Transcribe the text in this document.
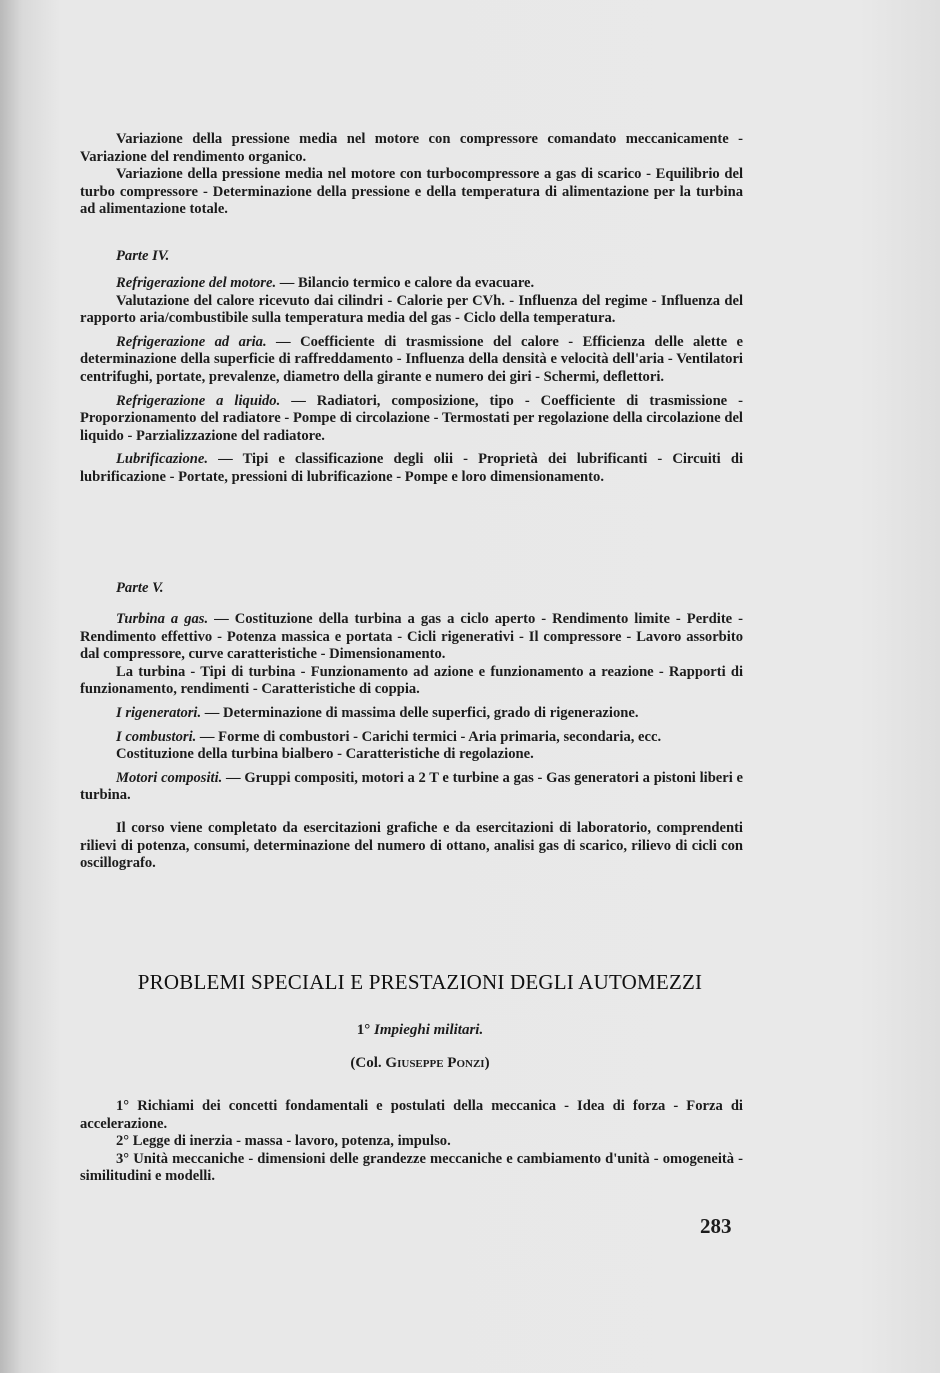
Variazione della pressione media nel motore con compressore comandato meccanicamente - Variazione del rendimento organico.

Variazione della pressione media nel motore con turbocompressore a gas di scarico - Equilibrio del turbo compressore - Determinazione della pressione e della temperatura di alimentazione per la turbina ad alimentazione totale.

Parte IV.

Refrigerazione del motore. — Bilancio termico e calore da evacuare.

Valutazione del calore ricevuto dai cilindri - Calorie per CVh. - Influenza del regime - Influenza del rapporto aria/combustibile sulla temperatura media del gas - Ciclo della temperatura.

Refrigerazione ad aria. — Coefficiente di trasmissione del calore - Efficienza delle alette e determinazione della superficie di raffreddamento - Influenza della densità e velocità dell'aria - Ventilatori centrifughi, portate, prevalenze, diametro della girante e numero dei giri - Schermi, deflettori.

Refrigerazione a liquido. — Radiatori, composizione, tipo - Coefficiente di trasmissione - Proporzionamento del radiatore - Pompe di circolazione - Termostati per regolazione della circolazione del liquido - Parzializzazione del radiatore.

Lubrificazione. — Tipi e classificazione degli olii - Proprietà dei lubrificanti - Circuiti di lubrificazione - Portate, pressioni di lubrificazione - Pompe e loro dimensionamento.

Parte V.

Turbina a gas. — Costituzione della turbina a gas a ciclo aperto - Rendimento limite - Perdite - Rendimento effettivo - Potenza massica e portata - Cicli rigenerativi - Il compressore - Lavoro assorbito dal compressore, curve caratteristiche - Dimensionamento.

La turbina - Tipi di turbina - Funzionamento ad azione e funzionamento a reazione - Rapporti di funzionamento, rendimenti - Caratteristiche di coppia.

I rigeneratori. — Determinazione di massima delle superfici, grado di rigenerazione.

I combustori. — Forme di combustori - Carichi termici - Aria primaria, secondaria, ecc.

Costituzione della turbina bialbero - Caratteristiche di regolazione.

Motori compositi. — Gruppi compositi, motori a 2 T e turbine a gas - Gas generatori a pistoni liberi e turbina.

Il corso viene completato da esercitazioni grafiche e da esercitazioni di laboratorio, comprendenti rilievi di potenza, consumi, determinazione del numero di ottano, analisi gas di scarico, rilievo di cicli con oscillografo.

PROBLEMI SPECIALI E PRESTAZIONI DEGLI AUTOMEZZI
1° Impieghi militari.
(Col. Giuseppe Ponzi)

1° Richiami dei concetti fondamentali e postulati della meccanica - Idea di forza - Forza di accelerazione.

2° Legge di inerzia - massa - lavoro, potenza, impulso.

3° Unità meccaniche - dimensioni delle grandezze meccaniche e cambiamento d'unità - omogeneità - similitudini e modelli.

283
